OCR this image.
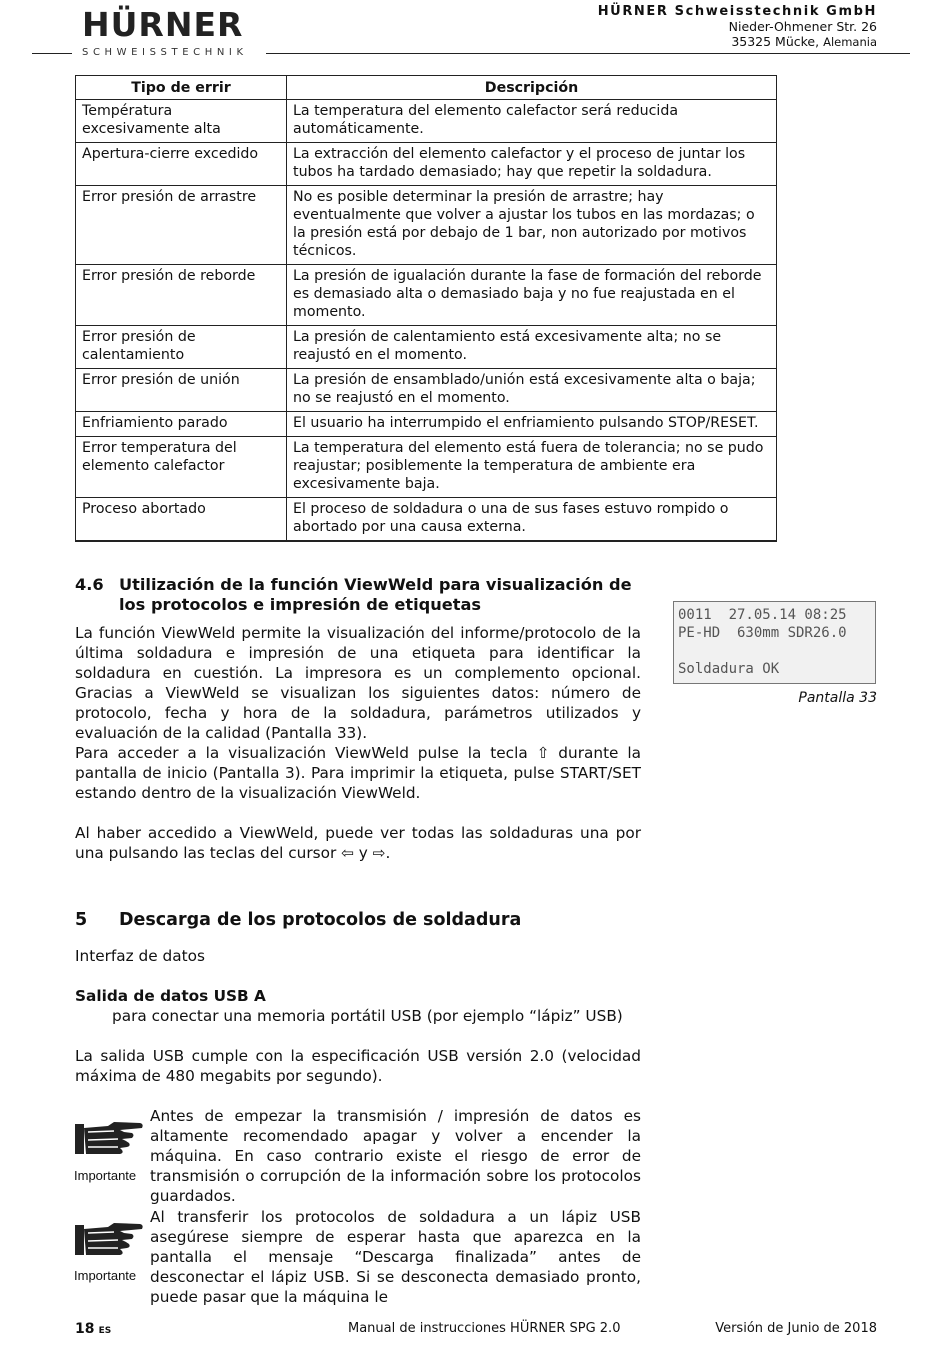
HÜRNER
SCHWEISSTECHNIK
HÜRNER Schweisstechnik GmbH
Nieder-Ohmener Str. 26
35325 Mücke, Alemania
Tipo de errir	Descripción
Températura excesivamente alta	La temperatura del elemento calefactor será reducida automáticamente.
Apertura-cierre excedido	La extracción del elemento calefactor y el proceso de juntar los tubos ha tardado demasiado; hay que repetir la soldadura.
Error presión de arrastre	No es posible determinar la presión de arrastre; hay eventualmente que volver a ajustar los tubos en las mordazas; o la presión está por debajo de 1 bar, non autorizado por motivos técnicos.
Error presión de reborde	La presión de igualación durante la fase de formación del reborde es demasiado alta o demasiado baja y no fue reajustada en el momento.
Error presión de calentamiento	La presión de calentamiento está excesivamente alta; no se reajustó en el momento.
Error presión de unión	La presión de ensamblado/unión está excesivamente alta o baja; no se reajustó en el momento.
Enfriamiento parado	El usuario ha interrumpido el enfriamiento pulsando STOP/RESET.
Error temperatura del elemento calefactor	La temperatura del elemento está fuera de tolerancia; no se pudo reajustar; posiblemente la temperatura de ambiente era excesivamente baja.
Proceso abortado	El proceso de soldadura o una de sus fases estuvo rompido o abortado por una causa externa.
4.6 Utilización de la función ViewWeld para visualización de los protocolos e impresión de etiquetas
La función ViewWeld permite la visualización del informe/protocolo de la última soldadura e impresión de una etiqueta para identificar la soldadura en cuestión. La impresora es un complemento opcional. Gracias a ViewWeld se visualizan los siguientes datos: número de protocolo, fecha y hora de la soldadura, parámetros utilizados y evaluación de la calidad (Pantalla 33).
Para acceder a la visualización ViewWeld pulse la tecla ⇧ durante la pantalla de inicio (Pantalla 3). Para imprimir la etiqueta, pulse START/SET estando dentro de la visualización ViewWeld.
Al haber accedido a ViewWeld, puede ver todas las soldaduras una por una pulsando las teclas del cursor ⇦ y ⇨.
0011  27.05.14 08:25
PE-HD  630mm SDR26.0
Soldadura OK
Pantalla 33
5 Descarga de los protocolos de soldadura
Interfaz de datos
Salida de datos USB A
para conectar una memoria portátil USB (por ejemplo “lápiz” USB)
La salida USB cumple con la especificación USB versión 2.0 (velocidad máxima de 480 megabits por segundo).
Importante
Antes de empezar la transmisión / impresión de datos es altamente recomendado apagar y volver a encender la máquina. En caso contrario existe el riesgo de error de transmisión o corrupción de la información sobre los protocolos guardados.
Importante
Al transferir los protocolos de soldadura a un lápiz USB asegúrese siempre de esperar hasta que aparezca en la pantalla el mensaje “Descarga finalizada” antes de desconectar el lápiz USB. Si se desconecta demasiado pronto, puede pasar que la máquina le
18 ES	Manual de instrucciones HÜRNER SPG 2.0	Versión de Junio de 2018
